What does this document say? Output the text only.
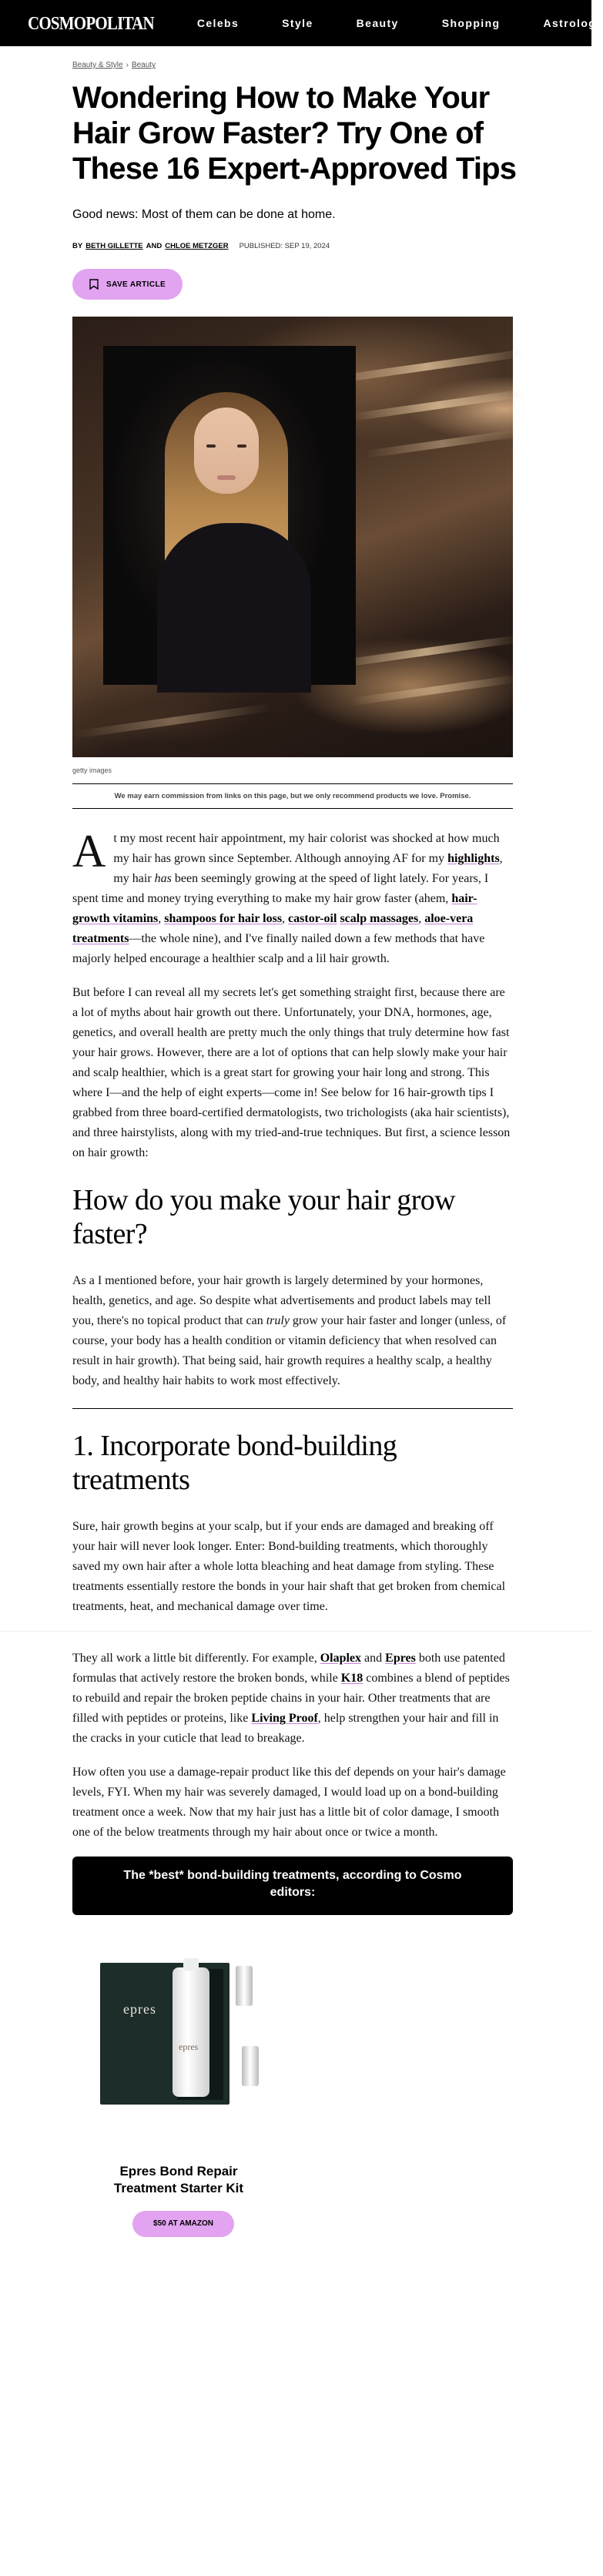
COSMOPOLITAN	Celebs	Style	Beauty	Shopping	Astrology
Beauty & Style › Beauty
Wondering How to Make Your Hair Grow Faster? Try One of These 16 Expert-Approved Tips

Good news: Most of them can be done at home.

BY BETH GILLETTE AND CHLOE METZGER PUBLISHED: SEP 19, 2024
SAVE ARTICLE
getty images
We may earn commission from links on this page, but we only recommend products we love. Promise.

At my most recent hair appointment, my hair colorist was shocked at how much my hair has grown since September. Although annoying AF for my highlights, my hair has been seemingly growing at the speed of light lately. For years, I spent time and money trying everything to make my hair grow faster (ahem, hair-growth vitamins, shampoos for hair loss, castor-oil scalp massages, aloe-vera treatments—the whole nine), and I've finally nailed down a few methods that have majorly helped encourage a healthier scalp and a lil hair growth.

But before I can reveal all my secrets let's get something straight first, because there are a lot of myths about hair growth out there. Unfortunately, your DNA, hormones, age, genetics, and overall health are pretty much the only things that truly determine how fast your hair grows. However, there are a lot of options that can help slowly make your hair and scalp healthier, which is a great start for growing your hair long and strong. This where I—and the help of eight experts—come in! See below for 16 hair-growth tips I grabbed from three board-certified dermatologists, two trichologists (aka hair scientists), and three hairstylists, along with my tried-and-true techniques. But first, a science lesson on hair growth:

How do you make your hair grow faster?

As a I mentioned before, your hair growth is largely determined by your hormones, health, genetics, and age. So despite what advertisements and product labels may tell you, there's no topical product that can truly grow your hair faster and longer (unless, of course, your body has a health condition or vitamin deficiency that when resolved can result in hair growth). That being said, hair growth requires a healthy scalp, a healthy body, and healthy hair habits to work most effectively.

1. Incorporate bond-building treatments

Sure, hair growth begins at your scalp, but if your ends are damaged and breaking off your hair will never look longer. Enter: Bond-building treatments, which thoroughly saved my own hair after a whole lotta bleaching and heat damage from styling. These treatments essentially restore the bonds in your hair shaft that get broken from chemical treatments, heat, and mechanical damage over time.

They all work a little bit differently. For example, Olaplex and Epres both use patented formulas that actively restore the broken bonds, while K18 combines a blend of peptides to rebuild and repair the broken peptide chains in your hair. Other treatments that are filled with peptides or proteins, like Living Proof, help strengthen your hair and fill in the cracks in your cuticle that lead to breakage.

How often you use a damage-repair product like this def depends on your hair's damage levels, FYI. When my hair was severely damaged, I would load up on a bond-building treatment once a week. Now that my hair just has a little bit of color damage, I smooth one of the below treatments through my hair about once or twice a month.

The *best* bond-building treatments, according to Cosmo editors:
epres
epres
Epres Bond Repair Treatment Starter Kit
$50 AT AMAZON
